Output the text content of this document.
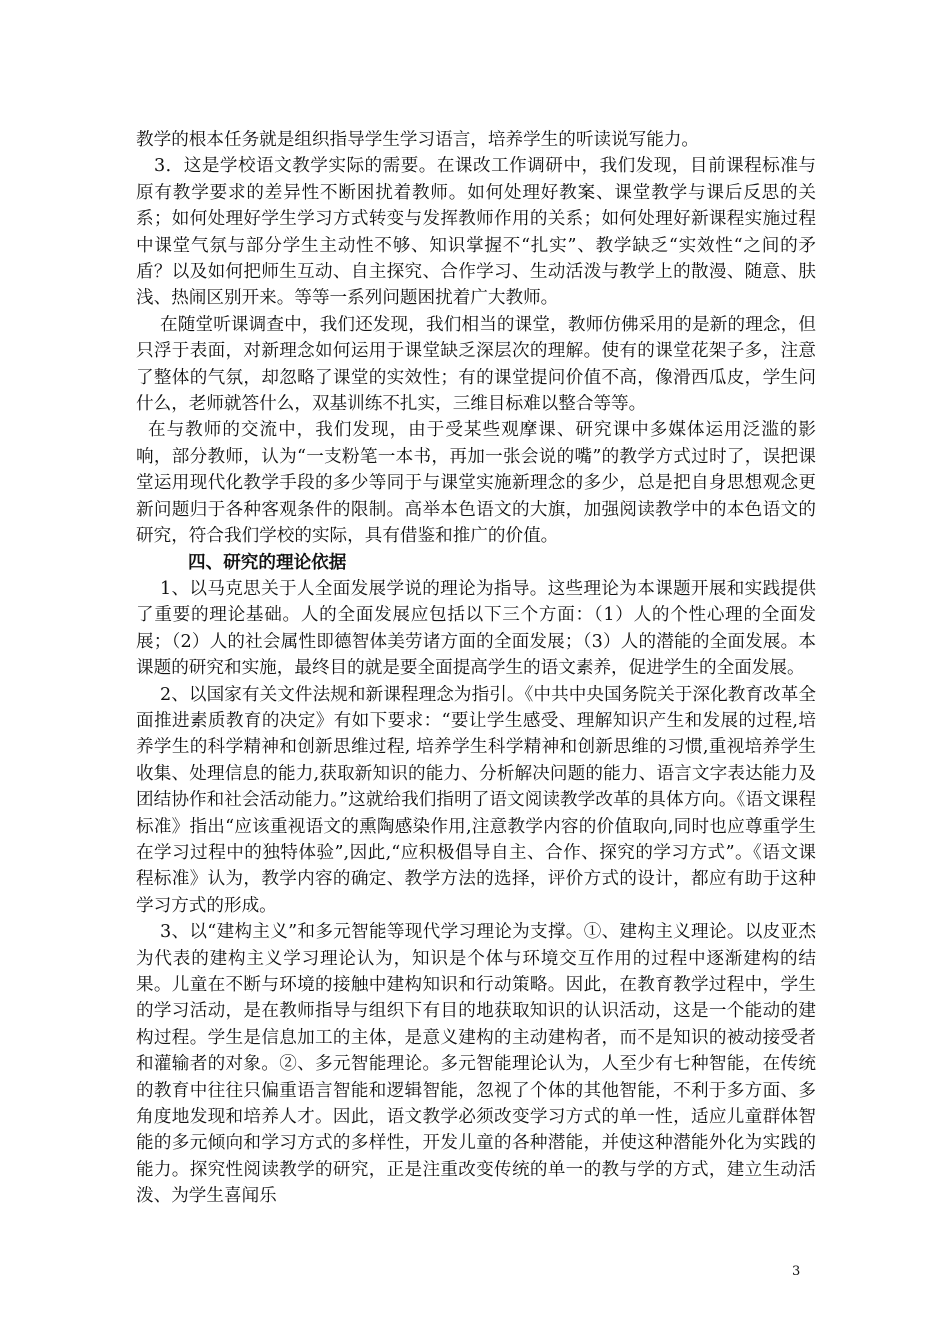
教学的根本任务就是组织指导学生学习语言，培养学生的听读说写能力。

3．这是学校语文教学实际的需要。在课改工作调研中，我们发现，目前课程标准与原有教学要求的差异性不断困扰着教师。如何处理好教案、课堂教学与课后反思的关系；如何处理好学生学习方式转变与发挥教师作用的关系；如何处理好新课程实施过程中课堂气氛与部分学生主动性不够、知识掌握不“扎实”、教学缺乏“实效性“之间的矛盾？以及如何把师生互动、自主探究、合作学习、生动活泼与教学上的散漫、随意、肤浅、热闹区别开来。等等一系列问题困扰着广大教师。

在随堂听课调查中，我们还发现，我们相当的课堂，教师仿佛采用的是新的理念，但只浮于表面，对新理念如何运用于课堂缺乏深层次的理解。使有的课堂花架子多，注意了整体的气氛，却忽略了课堂的实效性；有的课堂提问价值不高，像滑西瓜皮，学生问什么，老师就答什么，双基训练不扎实，三维目标难以整合等等。

在与教师的交流中，我们发现，由于受某些观摩课、研究课中多媒体运用泛滥的影响，部分教师，认为“一支粉笔一本书，再加一张会说的嘴”的教学方式过时了，误把课堂运用现代化教学手段的多少等同于与课堂实施新理念的多少，总是把自身思想观念更新问题归于各种客观条件的限制。高举本色语文的大旗，加强阅读教学中的本色语文的研究，符合我们学校的实际，具有借鉴和推广的价值。

四、研究的理论依据

1、以马克思关于人全面发展学说的理论为指导。这些理论为本课题开展和实践提供了重要的理论基础。人的全面发展应包括以下三个方面：（1）人的个性心理的全面发展；（2）人的社会属性即德智体美劳诸方面的全面发展；（3）人的潜能的全面发展。本课题的研究和实施，最终目的就是要全面提高学生的语文素养，促进学生的全面发展。

2、以国家有关文件法规和新课程理念为指引。《中共中央国务院关于深化教育改革全面推进素质教育的决定》有如下要求：“要让学生感受、理解知识产生和发展的过程,培养学生的科学精神和创新思维过程, 培养学生科学精神和创新思维的习惯,重视培养学生收集、处理信息的能力,获取新知识的能力、分析解决问题的能力、语言文字表达能力及团结协作和社会活动能力。”这就给我们指明了语文阅读教学改革的具体方向。《语文课程标准》指出“应该重视语文的熏陶感染作用,注意教学内容的价值取向,同时也应尊重学生在学习过程中的独特体验”,因此,“应积极倡导自主、合作、探究的学习方式”。《语文课程标准》认为，教学内容的确定、教学方法的选择，评价方式的设计，都应有助于这种学习方式的形成。

3、以“建构主义”和多元智能等现代学习理论为支撑。①、建构主义理论。以皮亚杰为代表的建构主义学习理论认为，知识是个体与环境交互作用的过程中逐渐建构的结果。儿童在不断与环境的接触中建构知识和行动策略。因此，在教育教学过程中，学生的学习活动，是在教师指导与组织下有目的地获取知识的认识活动，这是一个能动的建构过程。学生是信息加工的主体，是意义建构的主动建构者，而不是知识的被动接受者和灌输者的对象。②、多元智能理论。多元智能理论认为，人至少有七种智能，在传统的教育中往往只偏重语言智能和逻辑智能，忽视了个体的其他智能，不利于多方面、多角度地发现和培养人才。因此，语文教学必须改变学习方式的单一性，适应儿童群体智能的多元倾向和学习方式的多样性，开发儿童的各种潜能，并使这种潜能外化为实践的能力。探究性阅读教学的研究，正是注重改变传统的单一的教与学的方式，建立生动活泼、为学生喜闻乐

3
